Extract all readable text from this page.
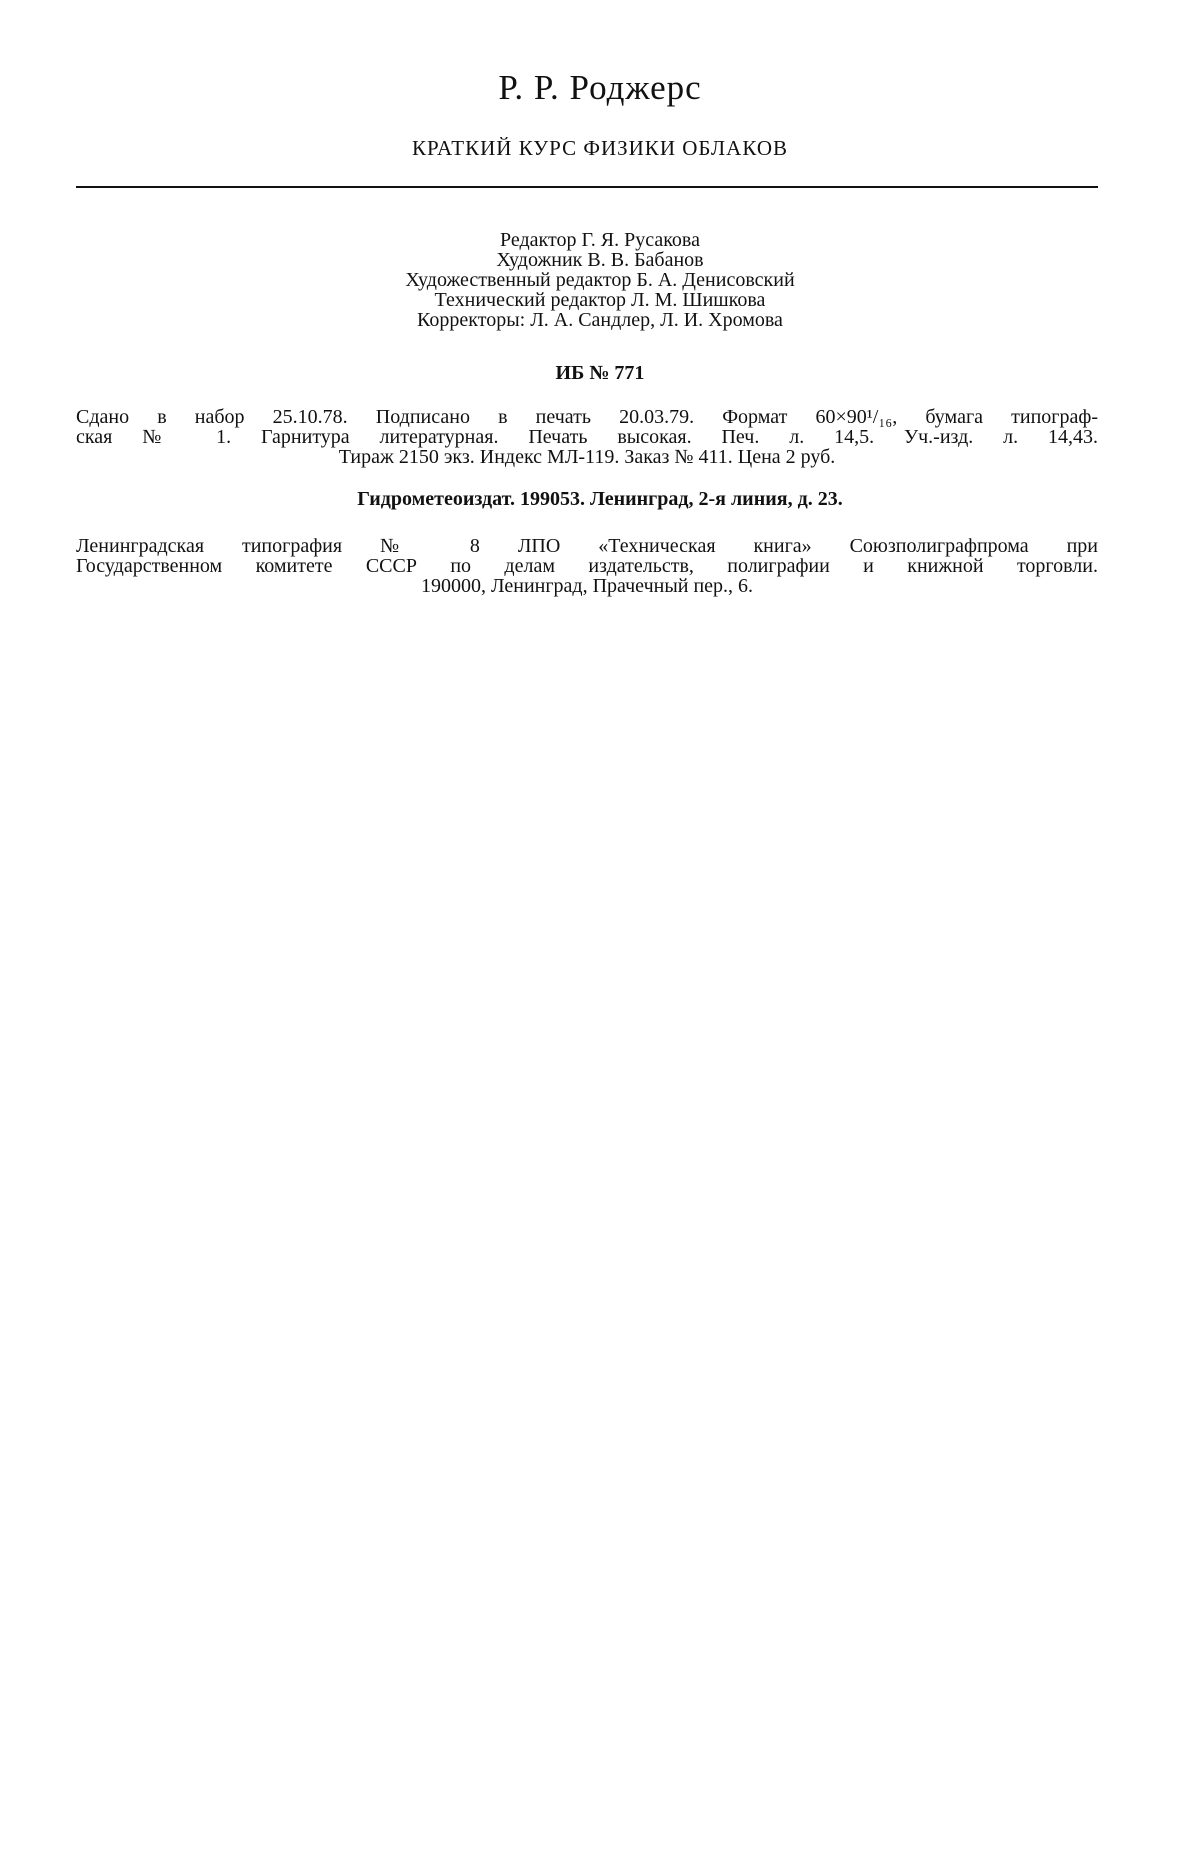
Р. Р. Роджерс
КРАТКИЙ КУРС ФИЗИКИ ОБЛАКОВ
Редактор Г. Я. Русакова
Художник В. В. Бабанов
Художественный редактор Б. А. Денисовский
Технический редактор Л. М. Шишкова
Корректоры: Л. А. Сандлер, Л. И. Хромова
ИБ № 771
Сдано в набор 25.10.78. Подписано в печать 20.03.79. Формат 60×90¹/₁₆, бумага типограф-
ская № 1. Гарнитура литературная. Печать высокая. Печ. л. 14,5. Уч.-изд. л. 14,43.
Тираж 2150 экз. Индекс МЛ-119. Заказ № 411. Цена 2 руб.
Гидрометеоиздат. 199053. Ленинград, 2-я линия, д. 23.
Ленинградская типография № 8 ЛПО «Техническая книга» Союзполиграфпрома при
Государственном комитете СССР по делам издательств, полиграфии и книжной торговли.
190000, Ленинград, Прачечный пер., 6.
